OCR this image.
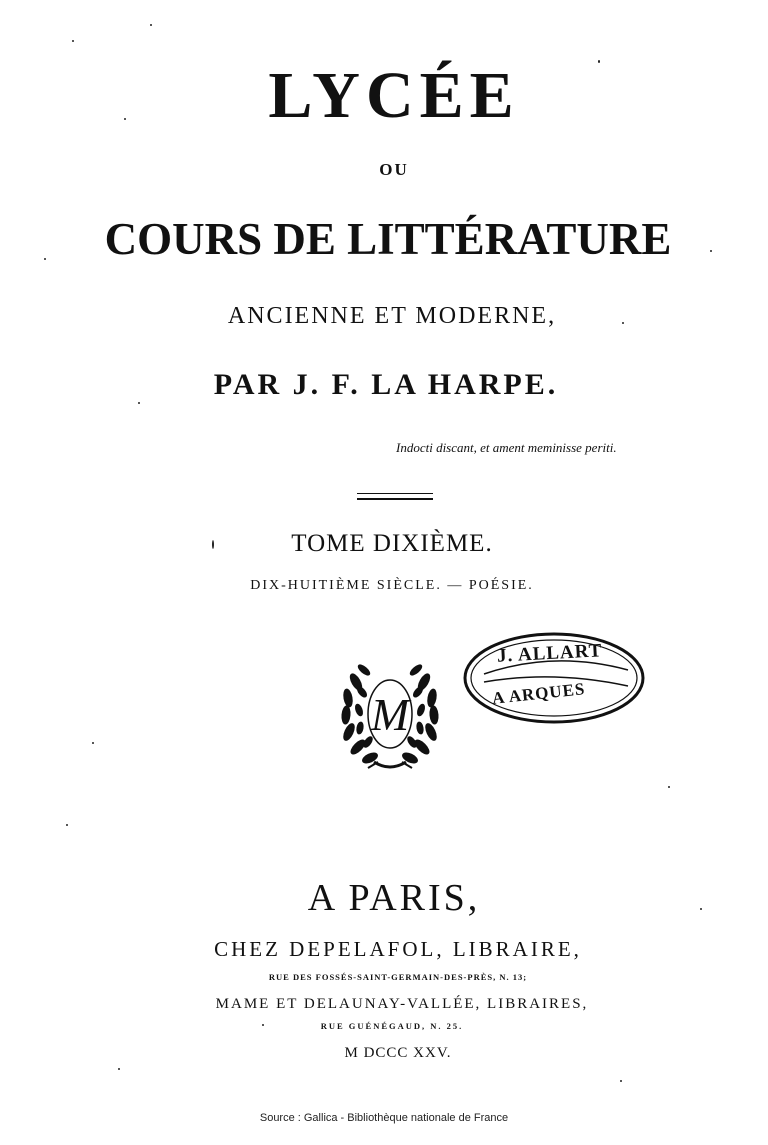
LYCÉE
OU
COURS DE LITTÉRATURE
ANCIENNE ET MODERNE,
PAR J. F. LA HARPE.
Indocti discant, et ament meminisse periti.
TOME DIXIÈME.
DIX-HUITIÈME SIÈCLE. — POÉSIE.
M
J. ALLART
A ARQUES
A PARIS,
CHEZ DEPELAFOL, LIBRAIRE,
RUE DES FOSSÉS-SAINT-GERMAIN-DES-PRÈS, N. 13;
MAME ET DELAUNAY-VALLÉE, LIBRAIRES,
RUE GUÉNÉGAUD, N. 25.
M DCCC XXV.
Source : Gallica - Bibliothèque nationale de France
